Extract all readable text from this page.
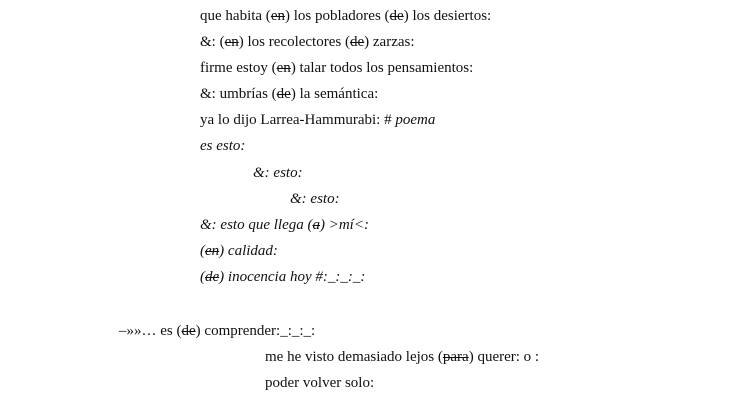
que habita (en) los pobladores (de) los desiertos:
&: (en) los recolectores (de) zarzas:
firme estoy (en) talar todos los pensamientos:
&: umbrías (de) la semántica:
ya lo dijo Larrea-Hammurabi: # poema
es esto:
&: esto:
&: esto:
&: esto que llega (a) >mí<:
(en) calidad:
(de) inocencia hoy #:_:_:_:
–»»… es (de) comprender:_:_:_:
me he visto demasiado lejos (para) querer: o :
poder volver solo:
